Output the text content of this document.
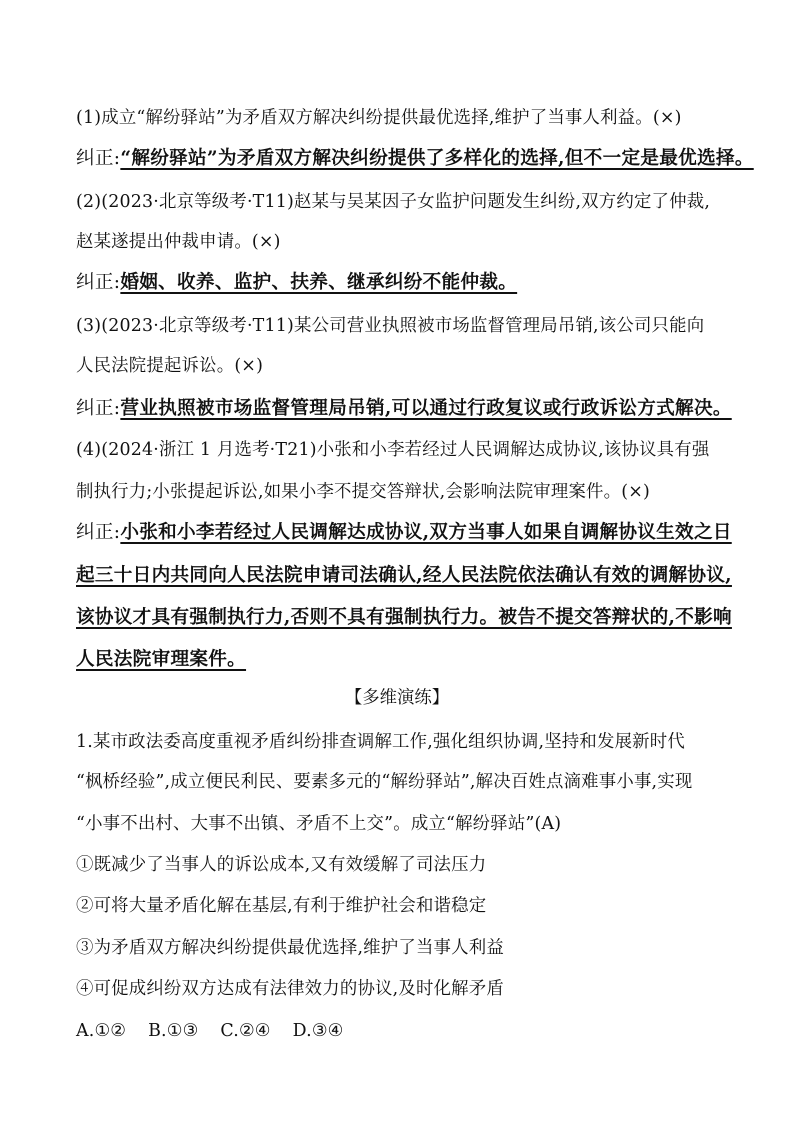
(1)成立“解纷驿站”为矛盾双方解决纠纷提供最优选择,维护了当事人利益。(×)
纠正:“解纷驿站”为矛盾双方解决纠纷提供了多样化的选择,但不一定是最优选择。
(2)(2023·北京等级考·T11)赵某与吴某因子女监护问题发生纠纷,双方约定了仲裁,
赵某遂提出仲裁申请。(×)
纠正:婚姻、收养、监护、扶养、继承纠纷不能仲裁。
(3)(2023·北京等级考·T11)某公司营业执照被市场监督管理局吊销,该公司只能向
人民法院提起诉讼。(×)
纠正:营业执照被市场监督管理局吊销,可以通过行政复议或行政诉讼方式解决。
(4)(2024·浙江 1 月选考·T21)小张和小李若经过人民调解达成协议,该协议具有强
制执行力;小张提起诉讼,如果小李不提交答辩状,会影响法院审理案件。(×)
纠正:小张和小李若经过人民调解达成协议,双方当事人如果自调解协议生效之日
起三十日内共同向人民法院申请司法确认,经人民法院依法确认有效的调解协议,
该协议才具有强制执行力,否则不具有强制执行力。被告不提交答辩状的,不影响
人民法院审理案件。
【多维演练】
1.某市政法委高度重视矛盾纠纷排查调解工作,强化组织协调,坚持和发展新时代
“枫桥经验”,成立便民利民、要素多元的“解纷驿站”,解决百姓点滴难事小事,实现
“小事不出村、大事不出镇、矛盾不上交”。成立“解纷驿站”(A)
①既减少了当事人的诉讼成本,又有效缓解了司法压力
②可将大量矛盾化解在基层,有利于维护社会和谐稳定
③为矛盾双方解决纠纷提供最优选择,维护了当事人利益
④可促成纠纷双方达成有法律效力的协议,及时化解矛盾
A.①② B.①③ C.②④ D.③④
